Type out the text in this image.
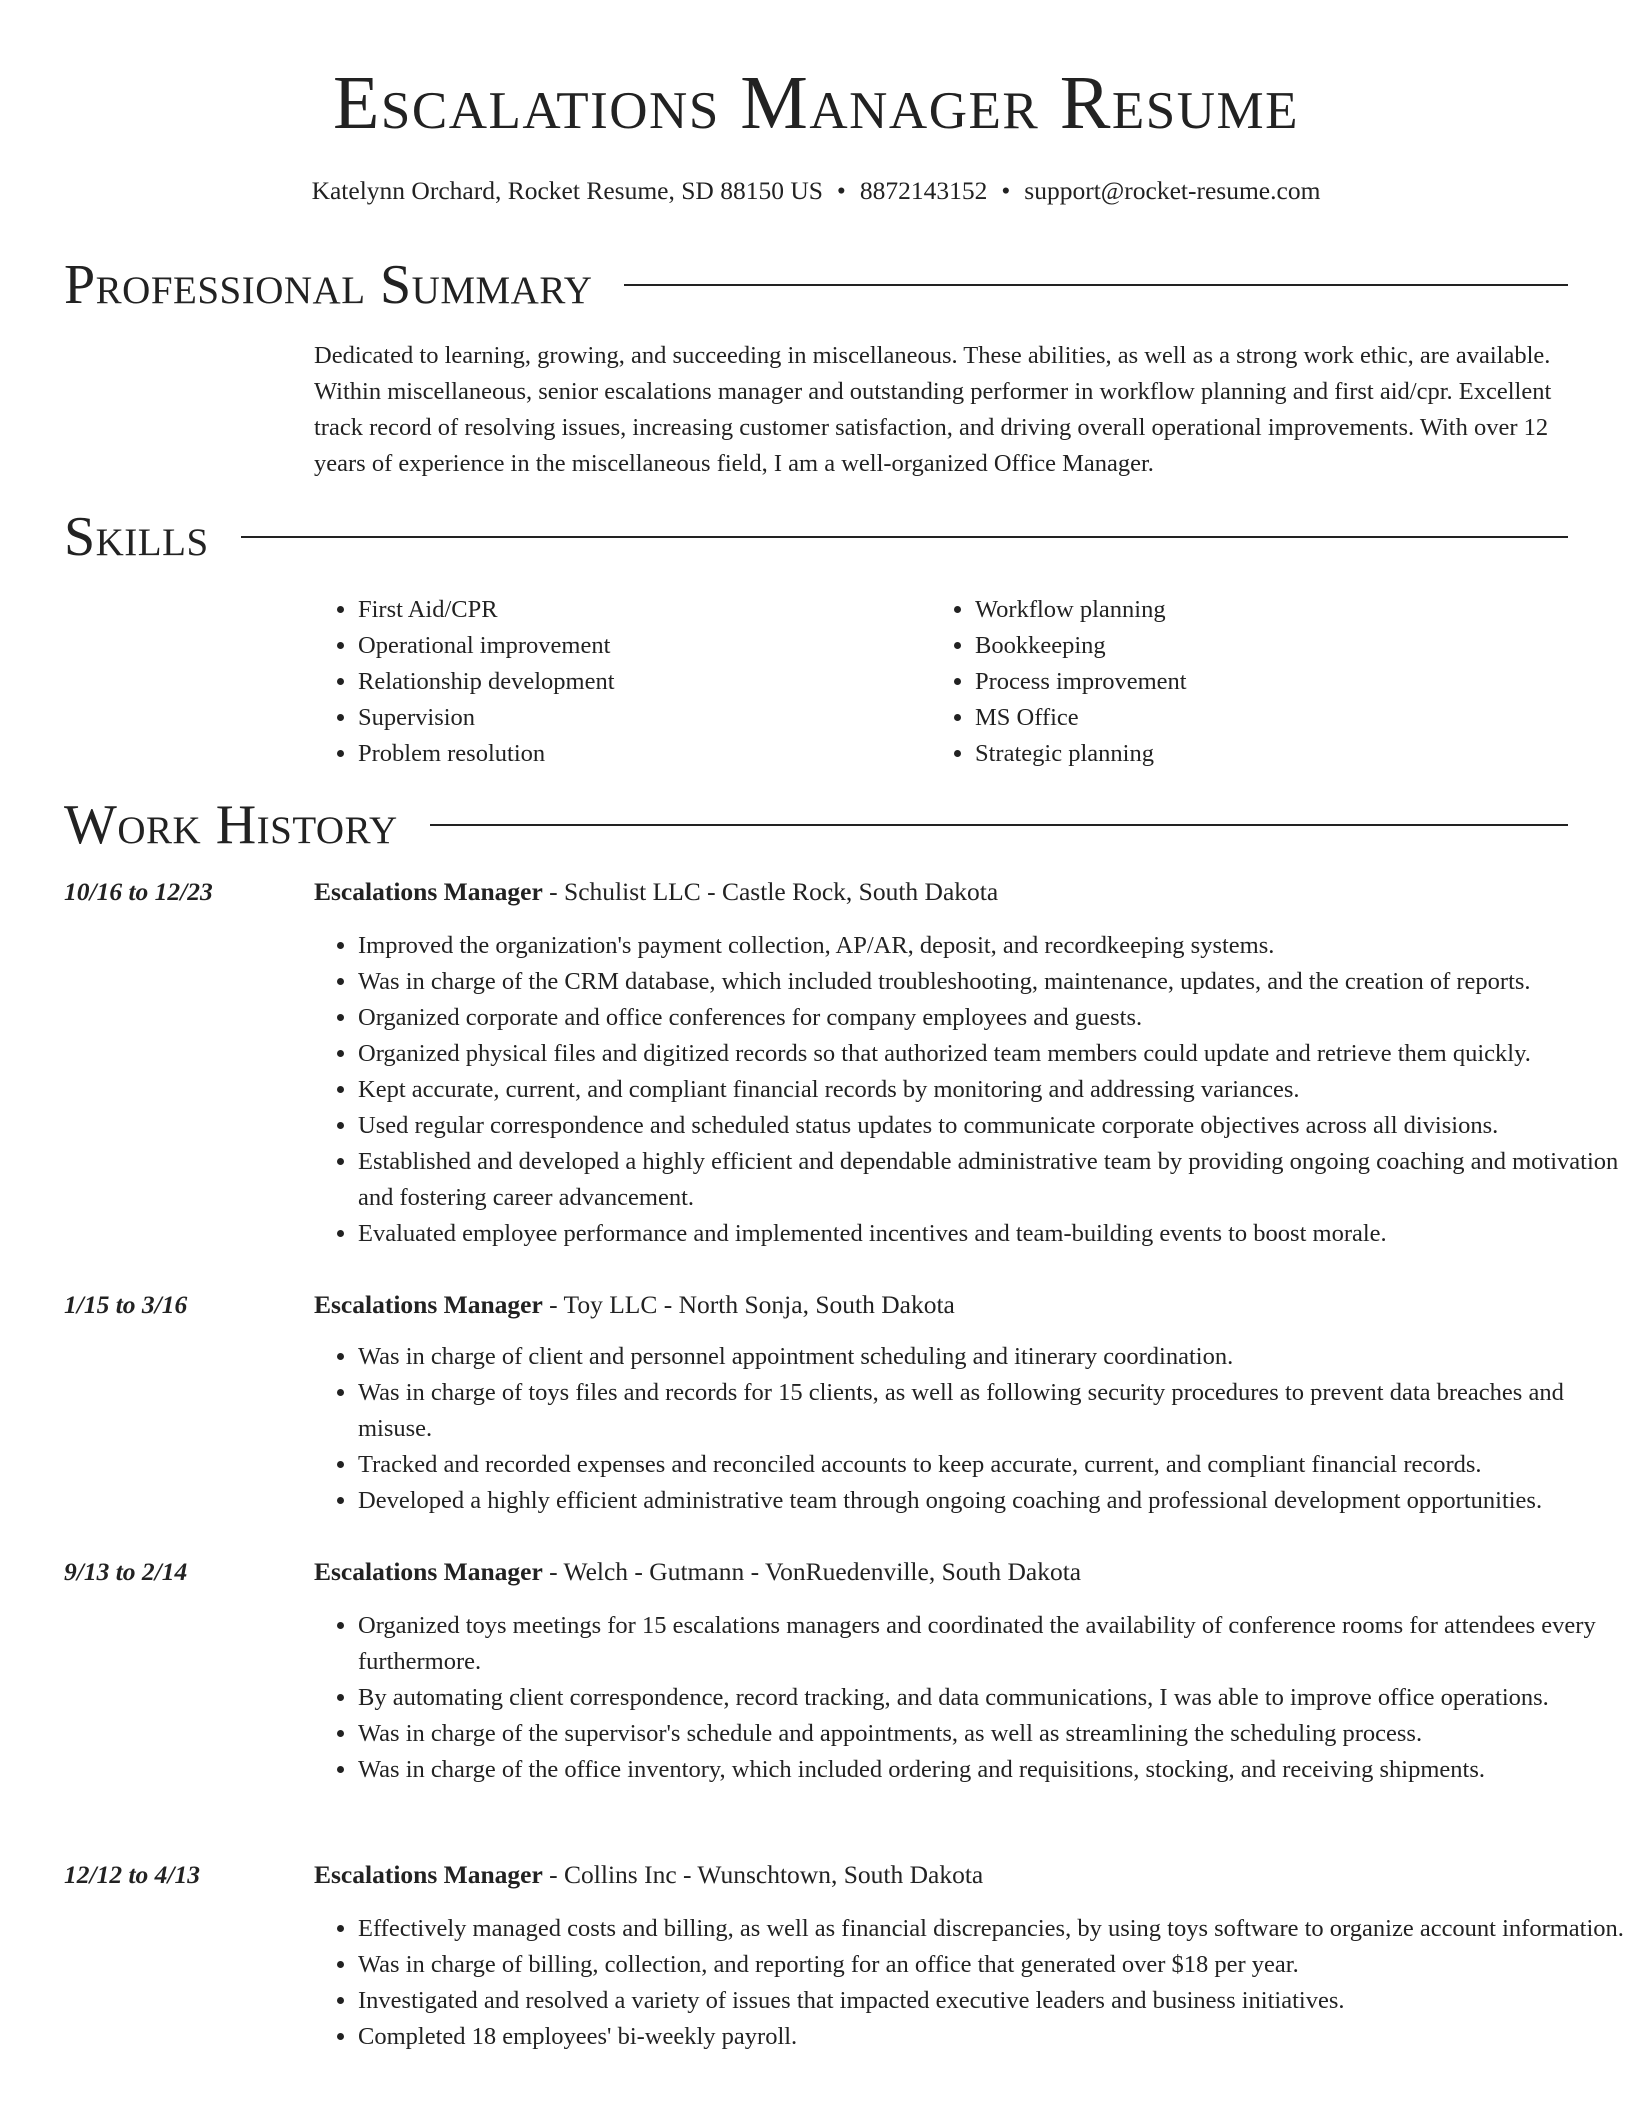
Escalations Manager Resume
Katelynn Orchard, Rocket Resume, SD 88150 US • 8872143152 • support@rocket-resume.com
Professional Summary

Dedicated to learning, growing, and succeeding in miscellaneous. These abilities, as well as a strong work ethic, are available. Within miscellaneous, senior escalations manager and outstanding performer in workflow planning and first aid/cpr. Excellent track record of resolving issues, increasing customer satisfaction, and driving overall operational improvements. With over 12 years of experience in the miscellaneous field, I am a well-organized Office Manager.

Skills
• First Aid/CPR
• Operational improvement
• Relationship development
• Supervision
• Problem resolution
• Workflow planning
• Bookkeeping
• Process improvement
• MS Office
• Strategic planning
Work History
10/16 to 12/23	Escalations Manager - Schulist LLC - Castle Rock, South Dakota
• Improved the organization's payment collection, AP/AR, deposit, and recordkeeping systems.
• Was in charge of the CRM database, which included troubleshooting, maintenance, updates, and the creation of reports.
• Organized corporate and office conferences for company employees and guests.
• Organized physical files and digitized records so that authorized team members could update and retrieve them quickly.
• Kept accurate, current, and compliant financial records by monitoring and addressing variances.
• Used regular correspondence and scheduled status updates to communicate corporate objectives across all divisions.
• Established and developed a highly efficient and dependable administrative team by providing ongoing coaching and motivation and fostering career advancement.
• Evaluated employee performance and implemented incentives and team-building events to boost morale.
1/15 to 3/16	Escalations Manager - Toy LLC - North Sonja, South Dakota
• Was in charge of client and personnel appointment scheduling and itinerary coordination.
• Was in charge of toys files and records for 15 clients, as well as following security procedures to prevent data breaches and misuse.
• Tracked and recorded expenses and reconciled accounts to keep accurate, current, and compliant financial records.
• Developed a highly efficient administrative team through ongoing coaching and professional development opportunities.
9/13 to 2/14	Escalations Manager - Welch - Gutmann - VonRuedenville, South Dakota
• Organized toys meetings for 15 escalations managers and coordinated the availability of conference rooms for attendees every furthermore.
• By automating client correspondence, record tracking, and data communications, I was able to improve office operations.
• Was in charge of the supervisor's schedule and appointments, as well as streamlining the scheduling process.
• Was in charge of the office inventory, which included ordering and requisitions, stocking, and receiving shipments.
12/12 to 4/13	Escalations Manager - Collins Inc - Wunschtown, South Dakota
• Effectively managed costs and billing, as well as financial discrepancies, by using toys software to organize account information.
• Was in charge of billing, collection, and reporting for an office that generated over $18 per year.
• Investigated and resolved a variety of issues that impacted executive leaders and business initiatives.
• Completed 18 employees' bi-weekly payroll.
